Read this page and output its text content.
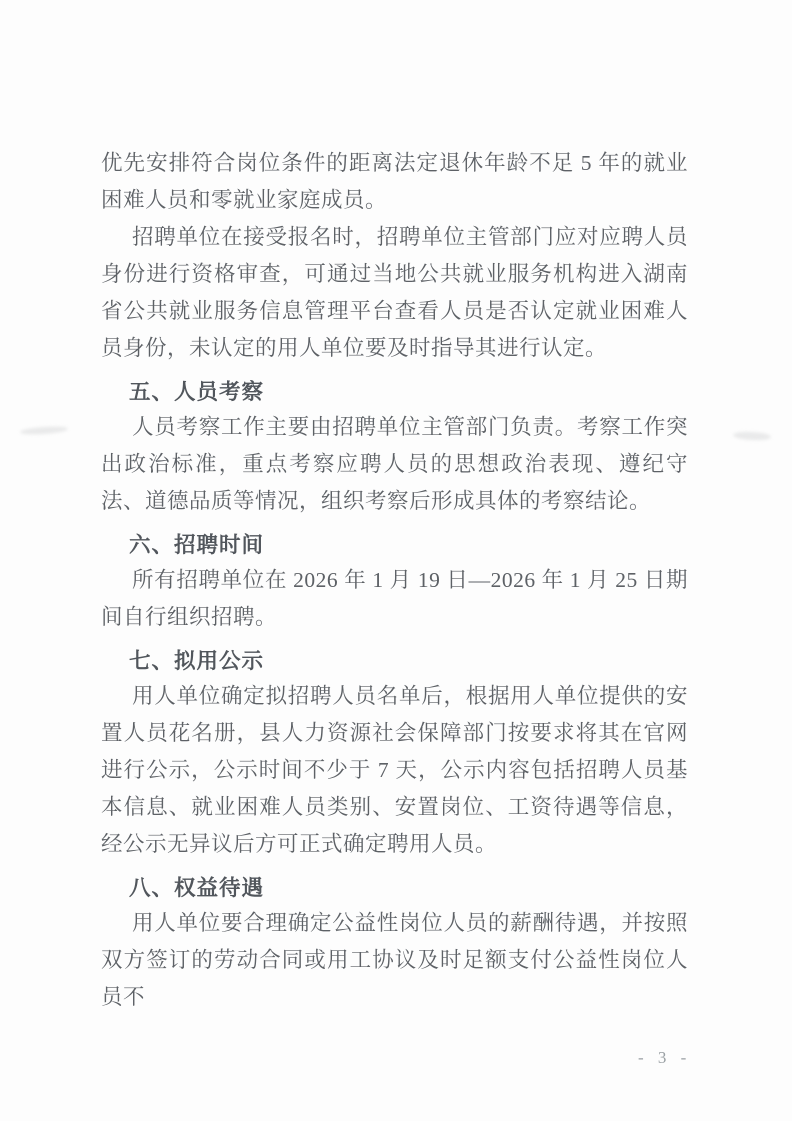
优先安排符合岗位条件的距离法定退休年龄不足 5 年的就业困难人员和零就业家庭成员。

招聘单位在接受报名时，招聘单位主管部门应对应聘人员身份进行资格审查，可通过当地公共就业服务机构进入湖南省公共就业服务信息管理平台查看人员是否认定就业困难人员身份，未认定的用人单位要及时指导其进行认定。

五、人员考察

人员考察工作主要由招聘单位主管部门负责。考察工作突出政治标准，重点考察应聘人员的思想政治表现、遵纪守法、道德品质等情况，组织考察后形成具体的考察结论。

六、招聘时间

所有招聘单位在 2026 年 1 月 19 日—2026 年 1 月 25 日期间自行组织招聘。

七、拟用公示

用人单位确定拟招聘人员名单后，根据用人单位提供的安置人员花名册，县人力资源社会保障部门按要求将其在官网进行公示，公示时间不少于 7 天，公示内容包括招聘人员基本信息、就业困难人员类别、安置岗位、工资待遇等信息，经公示无异议后方可正式确定聘用人员。

八、权益待遇

用人单位要合理确定公益性岗位人员的薪酬待遇，并按照双方签订的劳动合同或用工协议及时足额支付公益性岗位人员不

- 3 -
